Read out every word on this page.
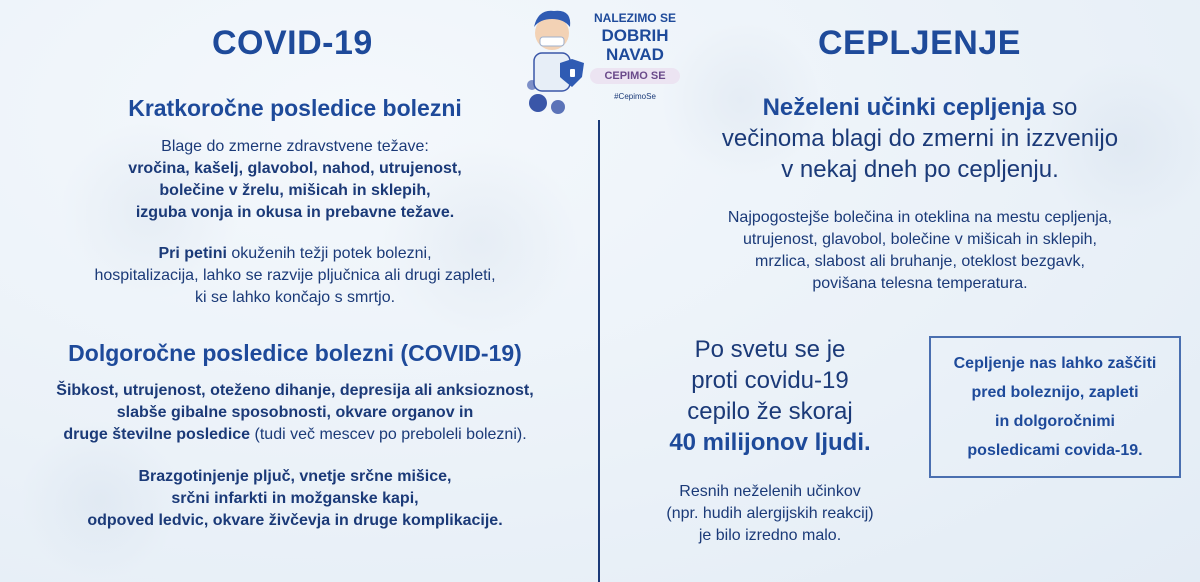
NALEZIMO SE
DOBRIH
NAVAD
CEPIMO SE
#CepimoSe
COVID-19
Kratkoročne posledice bolezni
Blage do zmerne zdravstvene težave:
vročina, kašelj, glavobol, nahod, utrujenost,
bolečine v žrelu, mišicah in sklepih,
izguba vonja in okusa in prebavne težave.
Pri petini okuženih težji potek bolezni,
hospitalizacija, lahko se razvije pljučnica ali drugi zapleti,
ki se lahko končajo s smrtjo.
Dolgoročne posledice bolezni (COVID-19)
Šibkost, utrujenost, oteženo dihanje, depresija ali anksioznost,
slabše gibalne sposobnosti, okvare organov in
druge številne posledice (tudi več mescev po preboleli bolezni).
Brazgotinjenje pljuč, vnetje srčne mišice,
srčni infarkti in možganske kapi,
odpoved ledvic, okvare živčevja in druge komplikacije.
CEPLJENJE
Neželeni učinki cepljenja so
večinoma blagi do zmerni in izzvenijo
v nekaj dneh po cepljenju.
Najpogostejše bolečina in oteklina na mestu cepljenja,
utrujenost, glavobol, bolečine v mišicah in sklepih,
mrzlica, slabost ali bruhanje, oteklost bezgavk,
povišana telesna temperatura.
Po svetu se je
proti covidu-19
cepilo že skoraj
40 milijonov ljudi.
Resnih neželenih učinkov
(npr. hudih alergijskih reakcij)
je bilo izredno malo.
Cepljenje nas lahko zaščiti
pred boleznijo, zapleti
in dolgoročnimi
posledicami covida-19.
